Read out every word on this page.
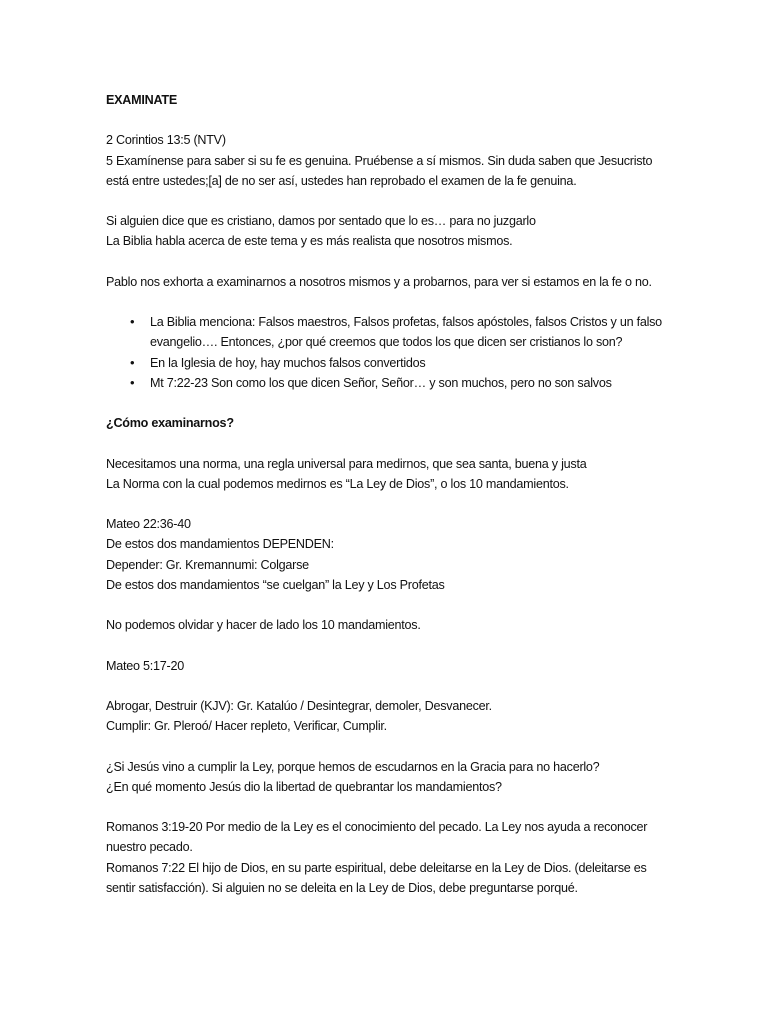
EXAMINATE

2 Corintios 13:5 (NTV)

5 Examínense para saber si su fe es genuina. Pruébense a sí mismos. Sin duda saben que Jesucristo está entre ustedes;[a] de no ser así, ustedes han reprobado el examen de la fe genuina.

Si alguien dice que es cristiano, damos por sentado que lo es… para no juzgarlo

La Biblia habla acerca de este tema y es más realista que nosotros mismos.

Pablo nos exhorta a examinarnos a nosotros mismos y a probarnos, para ver si estamos en la fe o no.

• La Biblia menciona: Falsos maestros, Falsos profetas, falsos apóstoles, falsos Cristos y un falso evangelio…. Entonces, ¿por qué creemos que todos los que dicen ser cristianos lo son?
• En la Iglesia de hoy, hay muchos falsos convertidos
• Mt 7:22-23 Son como los que dicen Señor, Señor… y son muchos, pero no son salvos

¿Cómo examinarnos?

Necesitamos una norma, una regla universal para medirnos, que sea santa, buena y justa

La Norma con la cual podemos medirnos es “La Ley de Dios”, o los 10 mandamientos.

Mateo 22:36-40

De estos dos mandamientos DEPENDEN:

Depender: Gr. Kremannumi: Colgarse

De estos dos mandamientos “se cuelgan” la Ley y Los Profetas

No podemos olvidar y hacer de lado los 10 mandamientos.

Mateo 5:17-20

Abrogar, Destruir (KJV): Gr. Katalúo / Desintegrar, demoler, Desvanecer.

Cumplir: Gr. Pleroó/ Hacer repleto, Verificar, Cumplir.

¿Si Jesús vino a cumplir la Ley, porque hemos de escudarnos en la Gracia para no hacerlo?

¿En qué momento Jesús dio la libertad de quebrantar los mandamientos?

Romanos 3:19-20 Por medio de la Ley es el conocimiento del pecado. La Ley nos ayuda a reconocer nuestro pecado.

Romanos 7:22 El hijo de Dios, en su parte espiritual, debe deleitarse en la Ley de Dios. (deleitarse es sentir satisfacción). Si alguien no se deleita en la Ley de Dios, debe preguntarse porqué.
